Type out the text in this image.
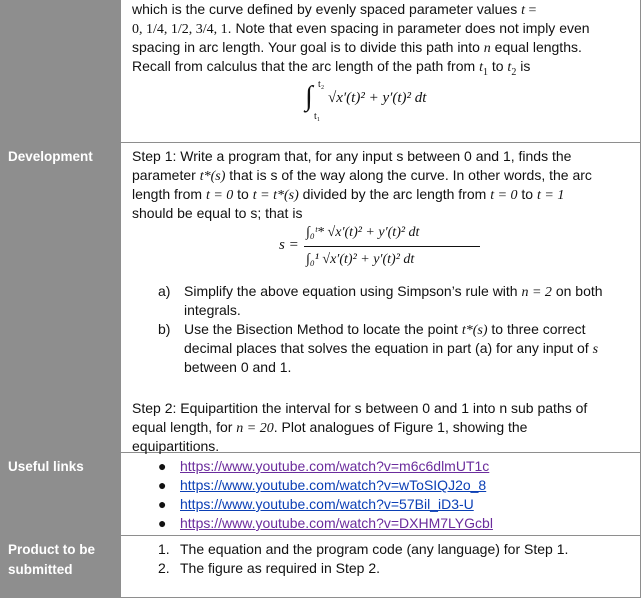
Development
Useful links
Product to be
submitted
which is the curve defined by evenly spaced parameter values t =
0, 1/4, 1/2, 3/4, 1. Note that even spacing in parameter does not imply even
spacing in arc length. Your goal is to divide this path into n equal lengths.
Recall from calculus that the arc length of the path from $t_1$ to $t_2$ is
∫ t₂
t₁
√x′(t)² + y′(t)² dt
Step 1: Write a program that, for any input s between 0 and 1, finds the
parameter t*(s) that is s of the way along the curve. In other words, the arc
length from t = 0 to t = t*(s) divided by the arc length from t = 0 to t = 1
should be equal to s; that is
s =
∫₀ᵗ* √x′(t)² + y′(t)² dt
∫₀¹ √x′(t)² + y′(t)² dt
a) Simplify the above equation using Simpson’s rule with n = 2 on both
integrals.
b) Use the Bisection Method to locate the point t*(s) to three correct
decimal places that solves the equation in part (a) for any input of s
between 0 and 1.
Step 2: Equipartition the interval for s between 0 and 1 into n sub paths of
equal length, for n = 20. Plot analogues of Figure 1, showing the
equipartitions.
● https://www.youtube.com/watch?v=m6c6dlmUT1c
● https://www.youtube.com/watch?v=wToSIQJ2o_8
● https://www.youtube.com/watch?v=57Bil_iD3-U
● https://www.youtube.com/watch?v=DXHM7LYGcbl
1. The equation and the program code (any language) for Step 1.
2. The figure as required in Step 2.
